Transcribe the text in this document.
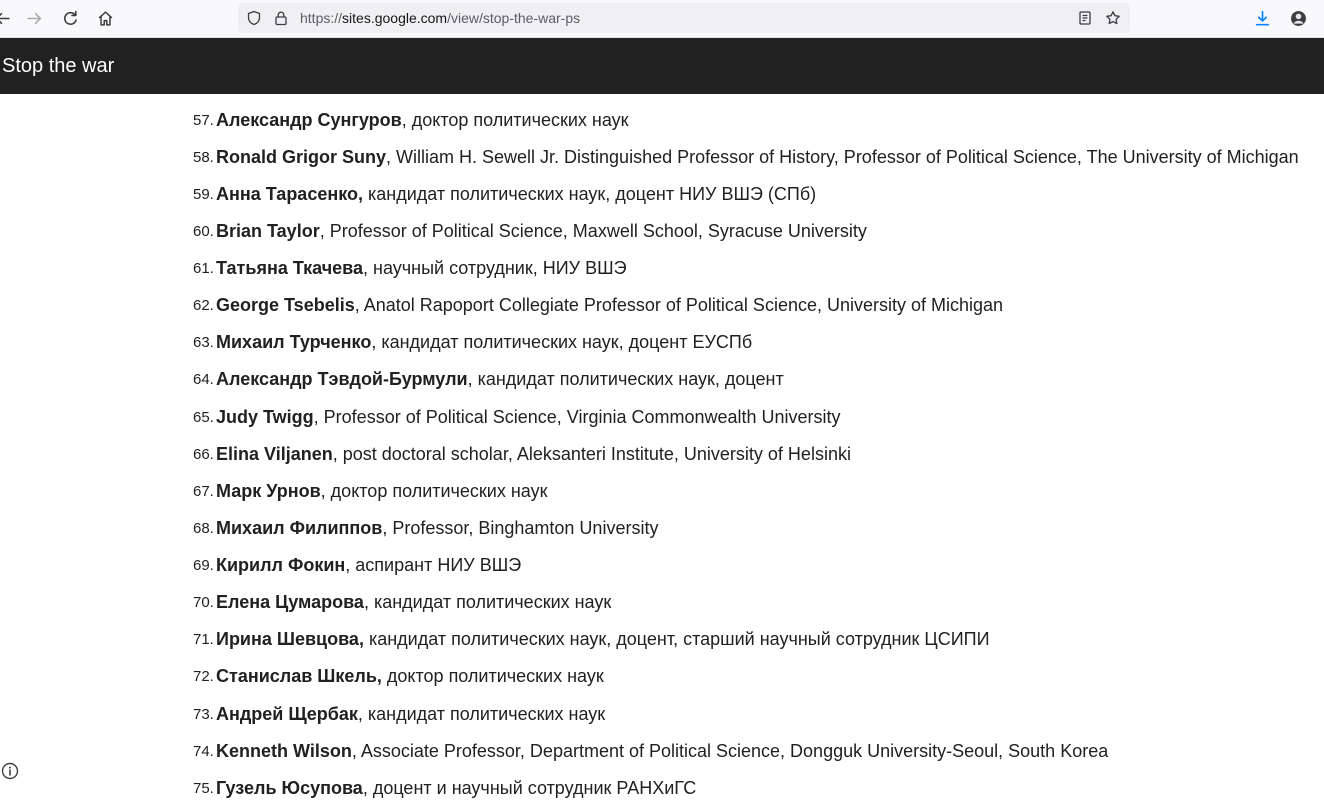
https://sites.google.com/view/stop-the-war-ps
Stop the war
57. Александр Сунгуров, доктор политических наук
58. Ronald Grigor Suny, William H. Sewell Jr. Distinguished Professor of History, Professor of Political Science, The University of Michigan
59. Анна Тарасенко, кандидат политических наук, доцент НИУ ВШЭ (СПб)
60. Brian Taylor, Professor of Political Science, Maxwell School, Syracuse University
61. Татьяна Ткачева, научный сотрудник, НИУ ВШЭ
62. George Tsebelis, Anatol Rapoport Collegiate Professor of Political Science, University of Michigan
63. Михаил Турченко, кандидат политических наук, доцент ЕУСПб
64. Александр Тэвдой-Бурмули, кандидат политических наук, доцент
65. Judy Twigg, Professor of Political Science, Virginia Commonwealth University
66. Elina Viljanen, post doctoral scholar, Aleksanteri Institute, University of Helsinki
67. Марк Урнов, доктор политических наук
68. Михаил Филиппов, Professor, Binghamton University
69. Кирилл Фокин, аспирант НИУ ВШЭ
70. Елена Цумарова, кандидат политических наук
71. Ирина Шевцова, кандидат политических наук, доцент, старший научный сотрудник ЦСИПИ
72. Станислав Шкель, доктор политических наук
73. Андрей Щербак, кандидат политических наук
74. Kenneth Wilson, Associate Professor, Department of Political Science, Dongguk University-Seoul, South Korea
75. Гузель Юсупова, доцент и научный сотрудник РАНХиГС
